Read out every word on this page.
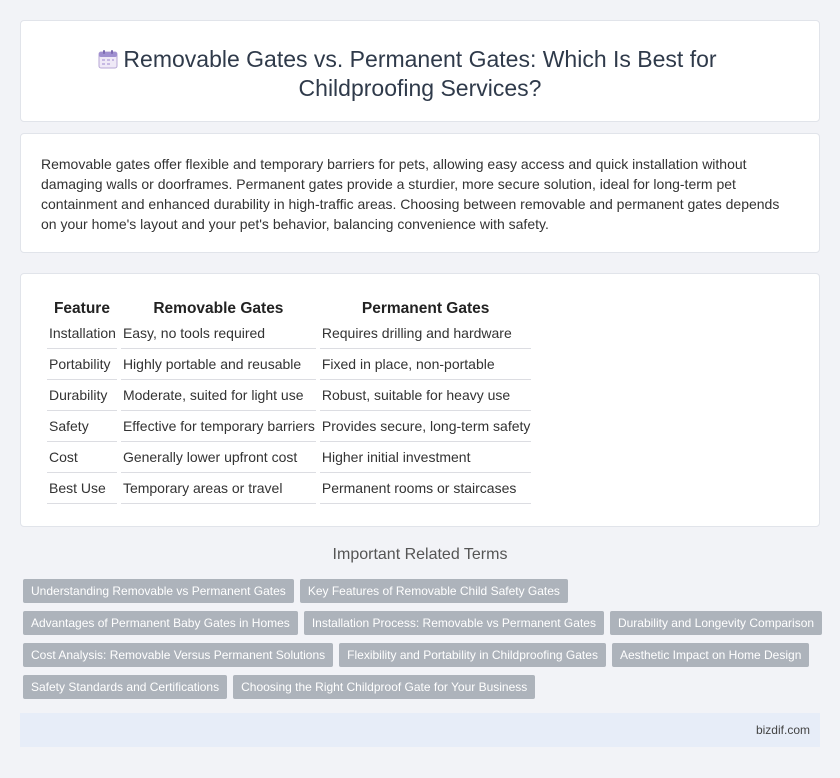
Removable Gates vs. Permanent Gates: Which Is Best for Childproofing Services?

Removable gates offer flexible and temporary barriers for pets, allowing easy access and quick installation without damaging walls or doorframes. Permanent gates provide a sturdier, more secure solution, ideal for long-term pet containment and enhanced durability in high-traffic areas. Choosing between removable and permanent gates depends on your home's layout and your pet's behavior, balancing convenience with safety.

Feature	Removable Gates	Permanent Gates
Installation	Easy, no tools required	Requires drilling and hardware
Portability	Highly portable and reusable	Fixed in place, non-portable
Durability	Moderate, suited for light use	Robust, suitable for heavy use
Safety	Effective for temporary barriers	Provides secure, long-term safety
Cost	Generally lower upfront cost	Higher initial investment
Best Use	Temporary areas or travel	Permanent rooms or staircases
Important Related Terms
Understanding Removable vs Permanent Gates Key Features of Removable Child Safety Gates
Advantages of Permanent Baby Gates in Homes Installation Process: Removable vs Permanent Gates Durability and Longevity Comparison
Cost Analysis: Removable Versus Permanent Solutions Flexibility and Portability in Childproofing Gates Aesthetic Impact on Home Design
Safety Standards and Certifications Choosing the Right Childproof Gate for Your Business
bizdif.com
